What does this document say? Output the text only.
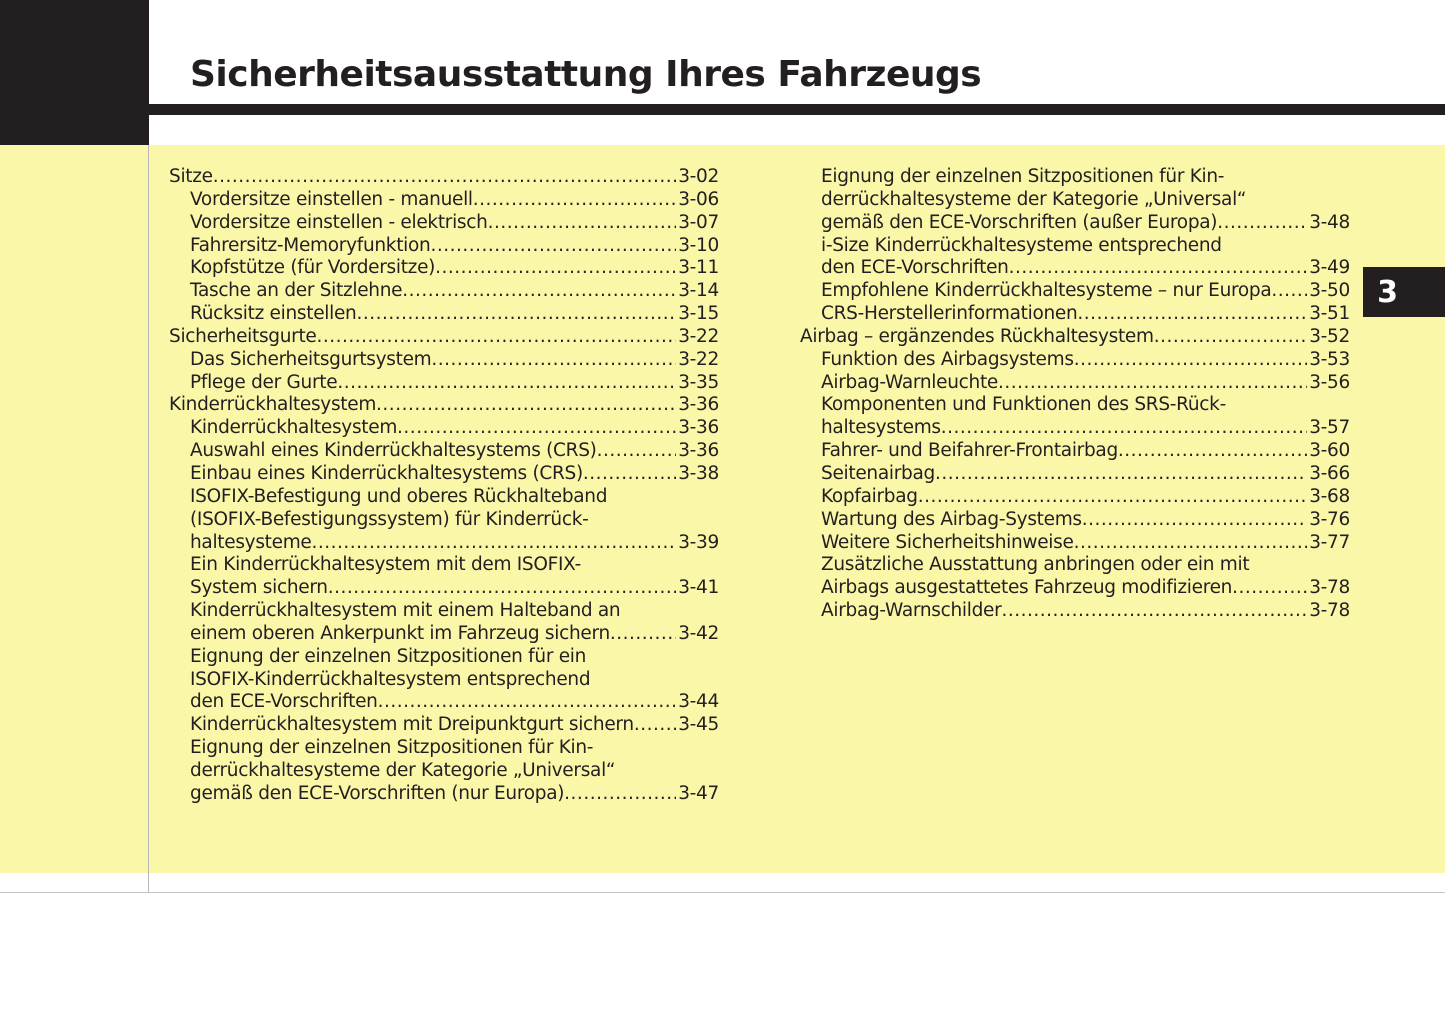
Sicherheitsausstattung Ihres Fahrzeugs
3
Sitze .....	3-02
Vordersitze einstellen - manuell .....	3-06
Vordersitze einstellen - elektrisch .....	3-07
Fahrersitz-Memoryfunktion .....	3-10
Kopfstütze (für Vordersitze) .....	3-11
Tasche an der Sitzlehne .....	3-14
Rücksitz einstellen .....	3-15
Sicherheitsgurte .....	3-22
Das Sicherheitsgurtsystem .....	3-22
Pflege der Gurte .....	3-35
Kinderrückhaltesystem .....	3-36
Kinderrückhaltesystem .....	3-36
Auswahl eines Kinderrückhaltesystems (CRS) .....	3-36
Einbau eines Kinderrückhaltesystems (CRS) .....	3-38
ISOFIX-Befestigung und oberes Rückhalteband
(ISOFIX-Befestigungssystem) für Kinderrück-
haltesysteme .....	3-39
Ein Kinderrückhaltesystem mit dem ISOFIX-
System sichern .....	3-41
Kinderrückhaltesystem mit einem Halteband an
einem oberen Ankerpunkt im Fahrzeug sichern .....	3-42
Eignung der einzelnen Sitzpositionen für ein
ISOFIX-Kinderrückhaltesystem entsprechend
den ECE-Vorschriften .....	3-44
Kinderrückhaltesystem mit Dreipunktgurt sichern ..... 3-45
Eignung der einzelnen Sitzpositionen für Kin-
derrückhaltesysteme der Kategorie „Universal“
gemäß den ECE-Vorschriften (nur Europa) .....	3-47
Eignung der einzelnen Sitzpositionen für Kin-
derrückhaltesysteme der Kategorie „Universal“
gemäß den ECE-Vorschriften (außer Europa) .....	3-48
i-Size Kinderrückhaltesysteme entsprechend
den ECE-Vorschriften .....	3-49
Empfohlene Kinderrückhaltesysteme – nur Europa ..... 3-50
CRS-Herstellerinformationen .....	3-51
Airbag – ergänzendes Rückhaltesystem .....	3-52
Funktion des Airbagsystems .....	3-53
Airbag-Warnleuchte .....	3-56
Komponenten und Funktionen des SRS-Rück-
haltesystems .....	3-57
Fahrer- und Beifahrer-Frontairbag .....	3-60
Seitenairbag .....	3-66
Kopfairbag .....	3-68
Wartung des Airbag-Systems .....	3-76
Weitere Sicherheitshinweise .....	3-77
Zusätzliche Ausstattung anbringen oder ein mit
Airbags ausgestattetes Fahrzeug modifizieren .....	3-78
Airbag-Warnschilder .....	3-78
